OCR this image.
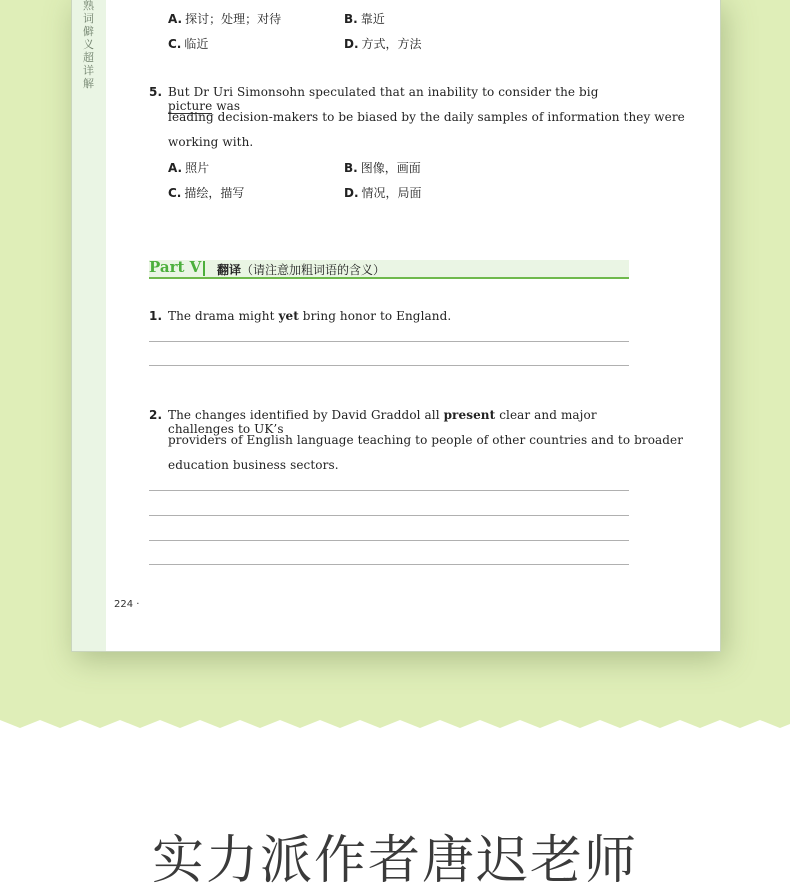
熟词僻义超详解
A. 探讨；处理；对待	B. 靠近
C. 临近	D. 方式，方法
5. But Dr Uri Simonsohn speculated that an inability to consider the big picture was
leading decision-makers to be biased by the daily samples of information they were
working with.
A. 照片	B. 图像，画面
C. 描绘，描写	D. 情况，局面
Part V 翻译（请注意加粗词语的含义）
1. The drama might yet bring honor to England.
2. The changes identified by David Graddol all present clear and major challenges to UK’s
providers of English language teaching to people of other countries and to broader
education business sectors.
224 ·
实力派作者唐迟老师
